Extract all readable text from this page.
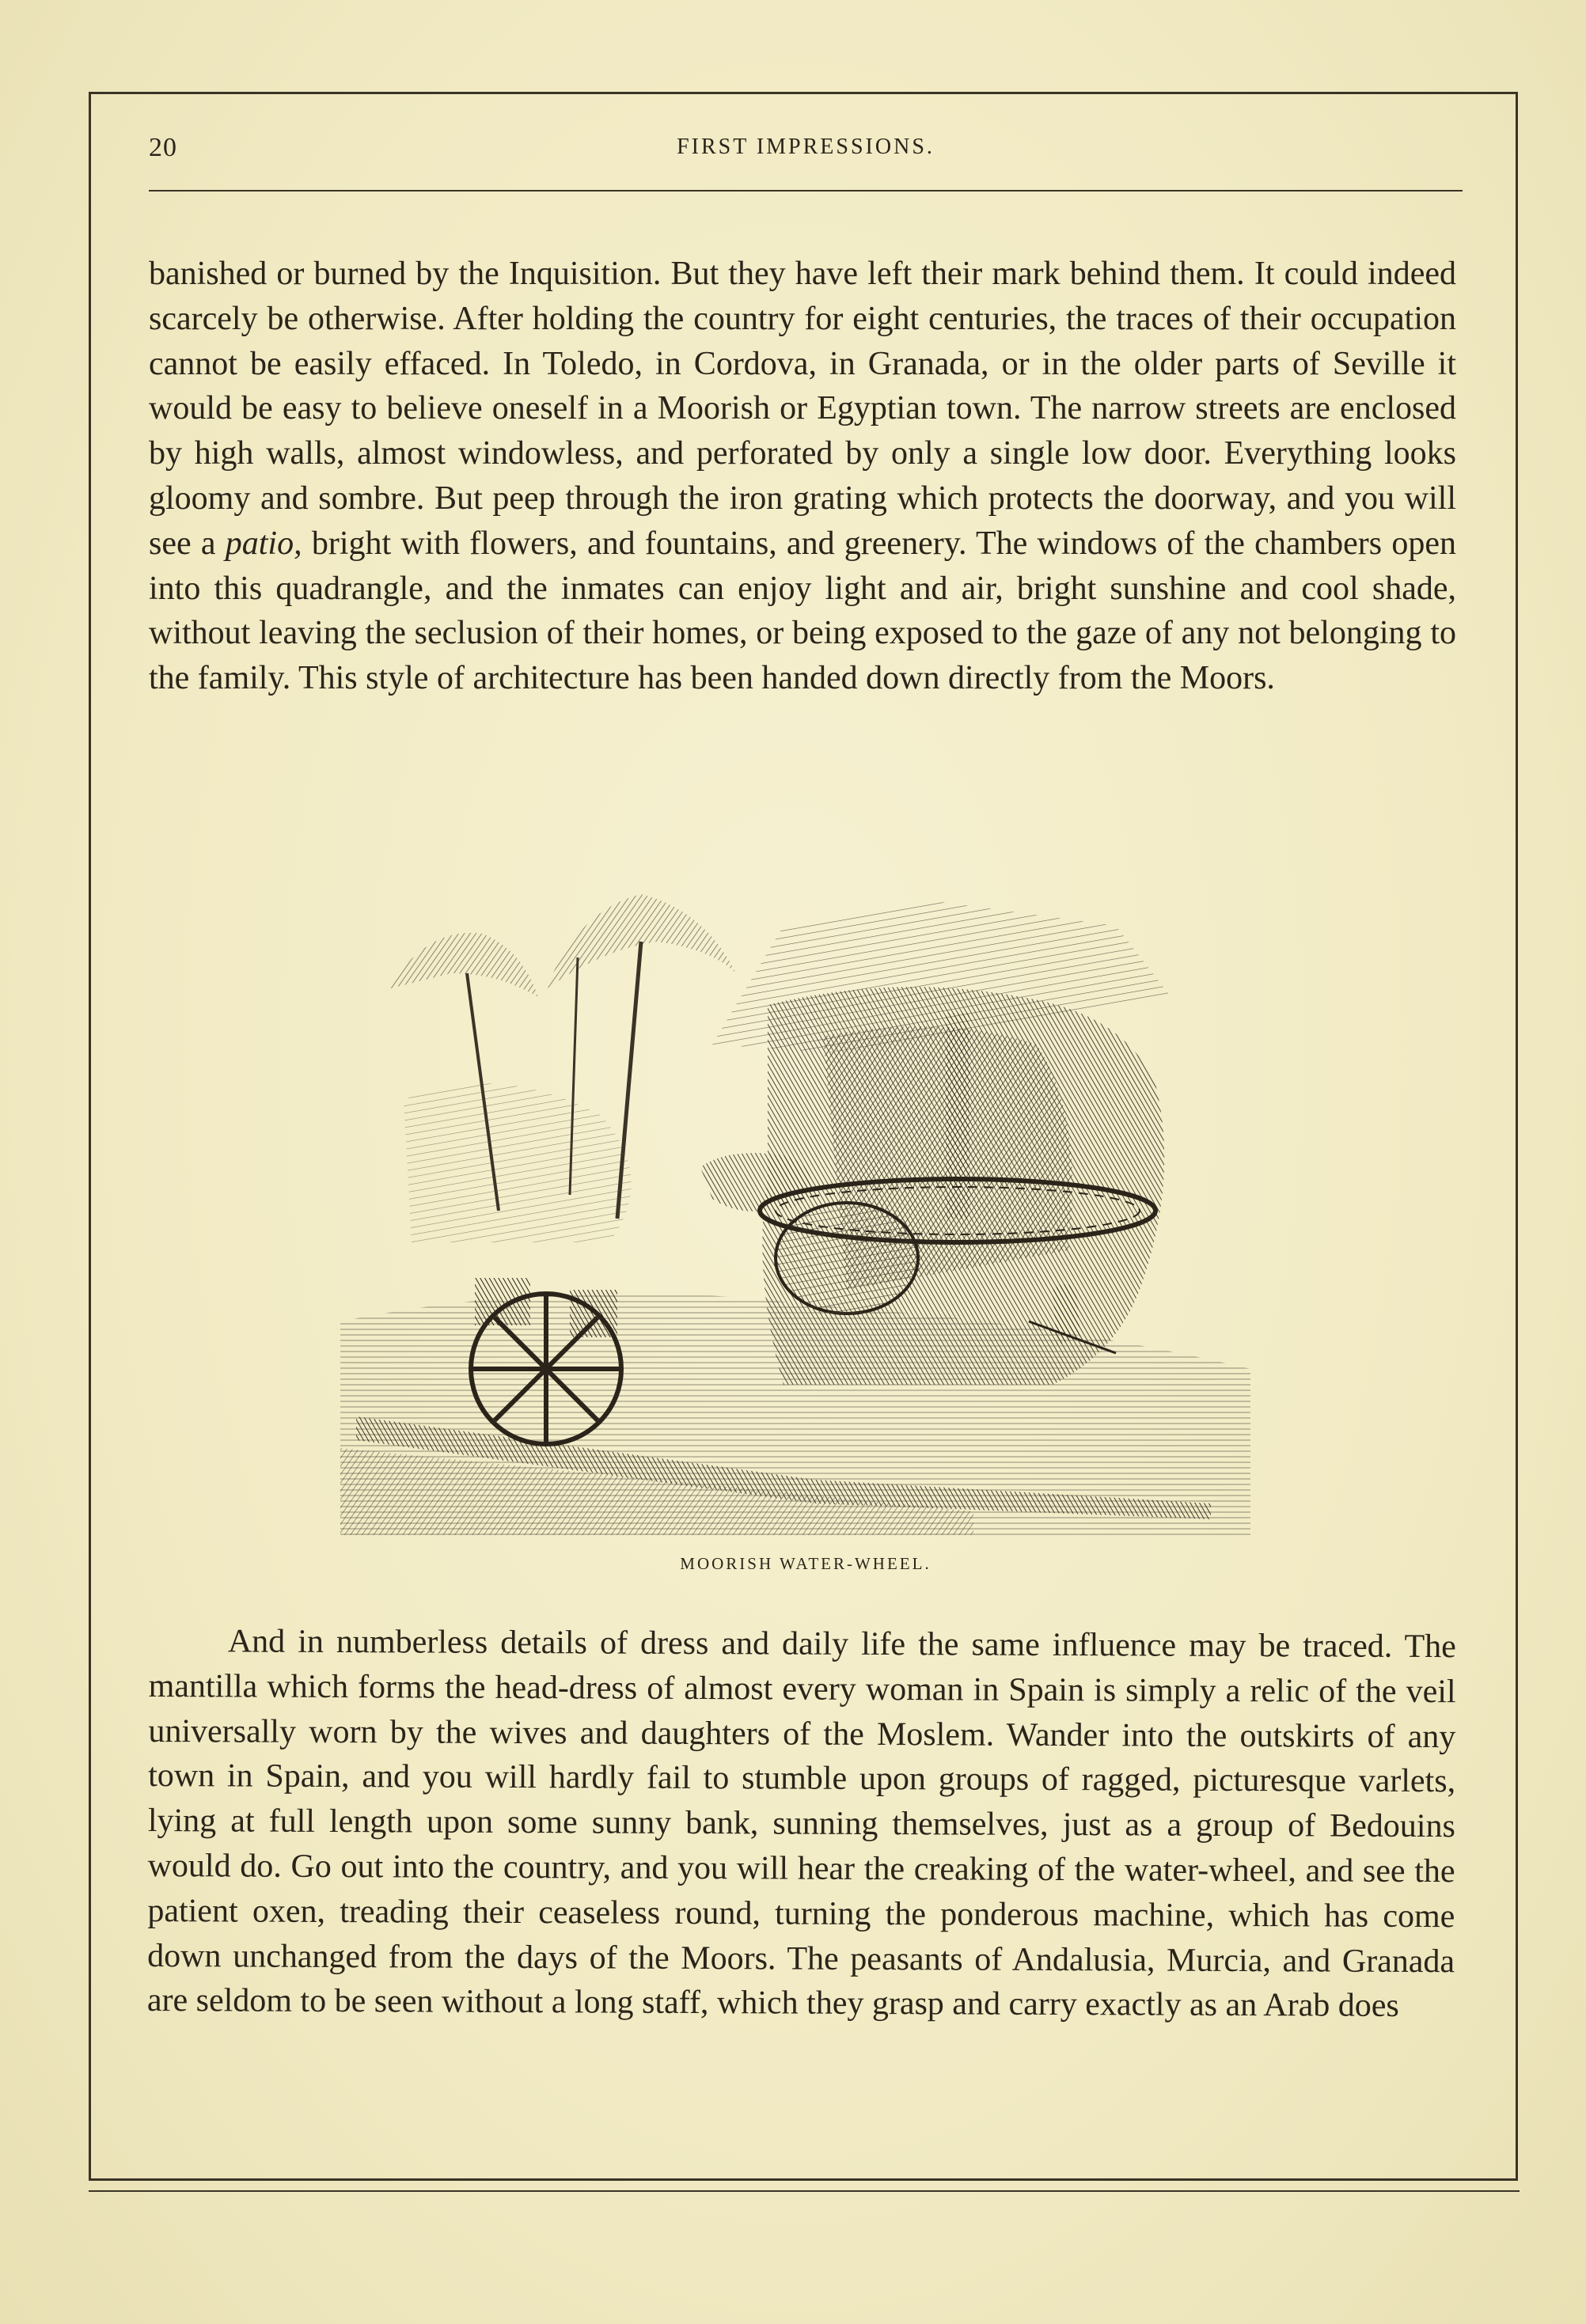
20	FIRST IMPRESSIONS.

banished or burned by the Inquisition. But they have left their mark behind them. It could indeed scarcely be otherwise. After holding the country for eight centuries, the traces of their occupation cannot be easily effaced. In Toledo, in Cordova, in Granada, or in the older parts of Seville it would be easy to believe oneself in a Moorish or Egyptian town. The narrow streets are enclosed by high walls, almost windowless, and perforated by only a single low door. Everything looks gloomy and sombre. But peep through the iron grating which protects the doorway, and you will see a patio, bright with flowers, and fountains, and greenery. The windows of the chambers open into this quadrangle, and the inmates can enjoy light and air, bright sunshine and cool shade, without leaving the seclusion of their homes, or being exposed to the gaze of any not belonging to the family. This style of architecture has been handed down directly from the Moors.

MOORISH WATER-WHEEL.

And in numberless details of dress and daily life the same influence may be traced. The mantilla which forms the head-dress of almost every woman in Spain is simply a relic of the veil universally worn by the wives and daughters of the Moslem. Wander into the outskirts of any town in Spain, and you will hardly fail to stumble upon groups of ragged, picturesque varlets, lying at full length upon some sunny bank, sunning themselves, just as a group of Bedouins would do. Go out into the country, and you will hear the creaking of the water-wheel, and see the patient oxen, treading their ceaseless round, turning the ponderous machine, which has come down unchanged from the days of the Moors. The peasants of Andalusia, Murcia, and Granada are seldom to be seen without a long staff, which they grasp and carry exactly as an Arab does
